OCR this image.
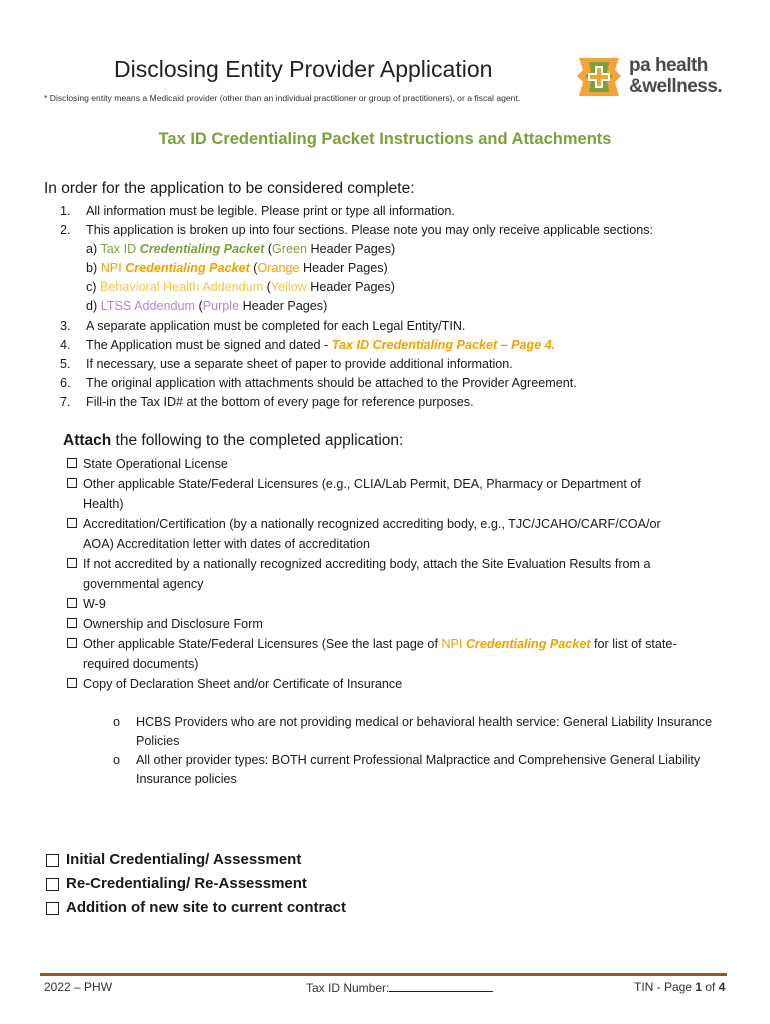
Disclosing Entity Provider Application
* Disclosing entity means a Medicaid provider (other than an individual practitioner or group of practitioners), or a fiscal agent.
pa health
&wellness.
Tax ID Credentialing Packet Instructions and Attachments
In order for the application to be considered complete:
1.	All information must be legible. Please print or type all information.
2.	This application is broken up into four sections. Please note you may only receive applicable sections:
a) Tax ID Credentialing Packet (Green Header Pages)
b) NPI Credentialing Packet (Orange Header Pages)
c) Behavioral Health Addendum (Yellow Header Pages)
d) LTSS Addendum (Purple Header Pages)
3.	A separate application must be completed for each Legal Entity/TIN.
4.	The Application must be signed and dated - Tax ID Credentialing Packet – Page 4.
5.	If necessary, use a separate sheet of paper to provide additional information.
6.	The original application with attachments should be attached to the Provider Agreement.
7.	Fill-in the Tax ID# at the bottom of every page for reference purposes.
Attach the following to the completed application:
State Operational License
Other applicable State/Federal Licensures (e.g., CLIA/Lab Permit, DEA, Pharmacy or Department of
Health)
Accreditation/Certification (by a nationally recognized accrediting body, e.g., TJC/JCAHO/CARF/COA/or
AOA) Accreditation letter with dates of accreditation
If not accredited by a nationally recognized accrediting body, attach the Site Evaluation Results from a
governmental agency
W-9
Ownership and Disclosure Form
Other applicable State/Federal Licensures (See the last page of NPI Credentialing Packet for list of state-
required documents)
Copy of Declaration Sheet and/or Certificate of Insurance
o	HCBS Providers who are not providing medical or behavioral health service: General Liability Insurance Policies
o	All other provider types: BOTH current Professional Malpractice and Comprehensive General Liability Insurance policies
Initial Credentialing/ Assessment
Re-Credentialing/ Re-Assessment
Addition of new site to current contract
2022 – PHW	Tax ID Number:	TIN - Page 1 of 4
